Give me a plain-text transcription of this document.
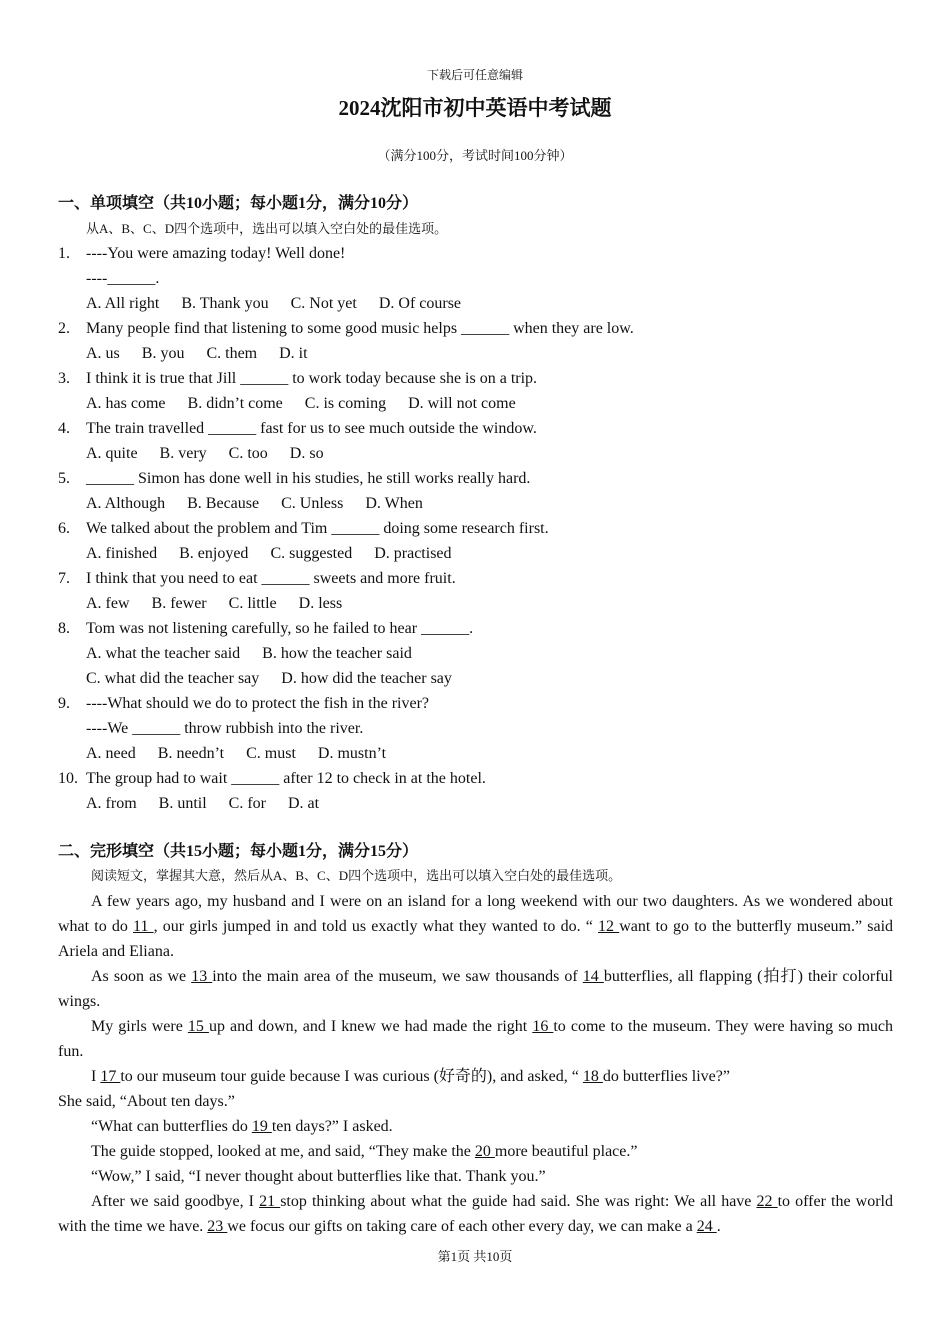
下载后可任意编辑
2024沈阳市初中英语中考试题
（满分100分，考试时间100分钟）
一、单项填空（共10小题；每小题1分，满分10分）
从A、B、C、D四个选项中，选出可以填入空白处的最佳选项。
1.	----You were amazing today! Well done!
----______.
A. All right B. Thank you C. Not yet D. Of course
2.	Many people find that listening to some good music helps ______ when they are low.
A. us B. you C. them D. it
3.	I think it is true that Jill ______ to work today because she is on a trip.
A. has come B. didn’t come C. is coming D. will not come
4.	The train travelled ______ fast for us to see much outside the window.
A. quite B. very C. too D. so
5.	______ Simon has done well in his studies, he still works really hard.
A. Although B. Because C. Unless D. When
6.	We talked about the problem and Tim ______ doing some research first.
A. finished B. enjoyed C. suggested D. practised
7.	I think that you need to eat ______ sweets and more fruit.
A. few B. fewer C. little D. less
8.	Tom was not listening carefully, so he failed to hear ______.
A. what the teacher said B. how the teacher said
C. what did the teacher say D. how did the teacher say
9.	----What should we do to protect the fish in the river?
----We ______ throw rubbish into the river.
A. need B. needn’t C. must D. mustn’t
10. The group had to wait ______ after 12 to check in at the hotel.
A. from B. until C. for D. at
二、完形填空（共15小题；每小题1分，满分15分）
阅读短文，掌握其大意，然后从A、B、C、D四个选项中，选出可以填入空白处的最佳选项。
A few years ago, my husband and I were on an island for a long weekend with our two daughters. As we wondered about what to do 11 , our girls jumped in and told us exactly what they wanted to do. “ 12 want to go to the butterfly museum.” said Ariela and Eliana.
As soon as we 13 into the main area of the museum, we saw thousands of 14 butterflies, all flapping (拍打) their colorful wings.
My girls were 15 up and down, and I knew we had made the right 16 to come to the museum. They were having so much fun.
I 17 to our museum tour guide because I was curious (好奇的), and asked, “ 18 do butterflies live?”
She said, “About ten days.”
“What can butterflies do 19 ten days?” I asked.
The guide stopped, looked at me, and said, “They make the 20 more beautiful place.”
“Wow,” I said, “I never thought about butterflies like that. Thank you.”
After we said goodbye, I 21 stop thinking about what the guide had said. She was right: We all have 22 to offer the world with the time we have. 23 we focus our gifts on taking care of each other every day, we can make a 24 .
第1页 共10页
